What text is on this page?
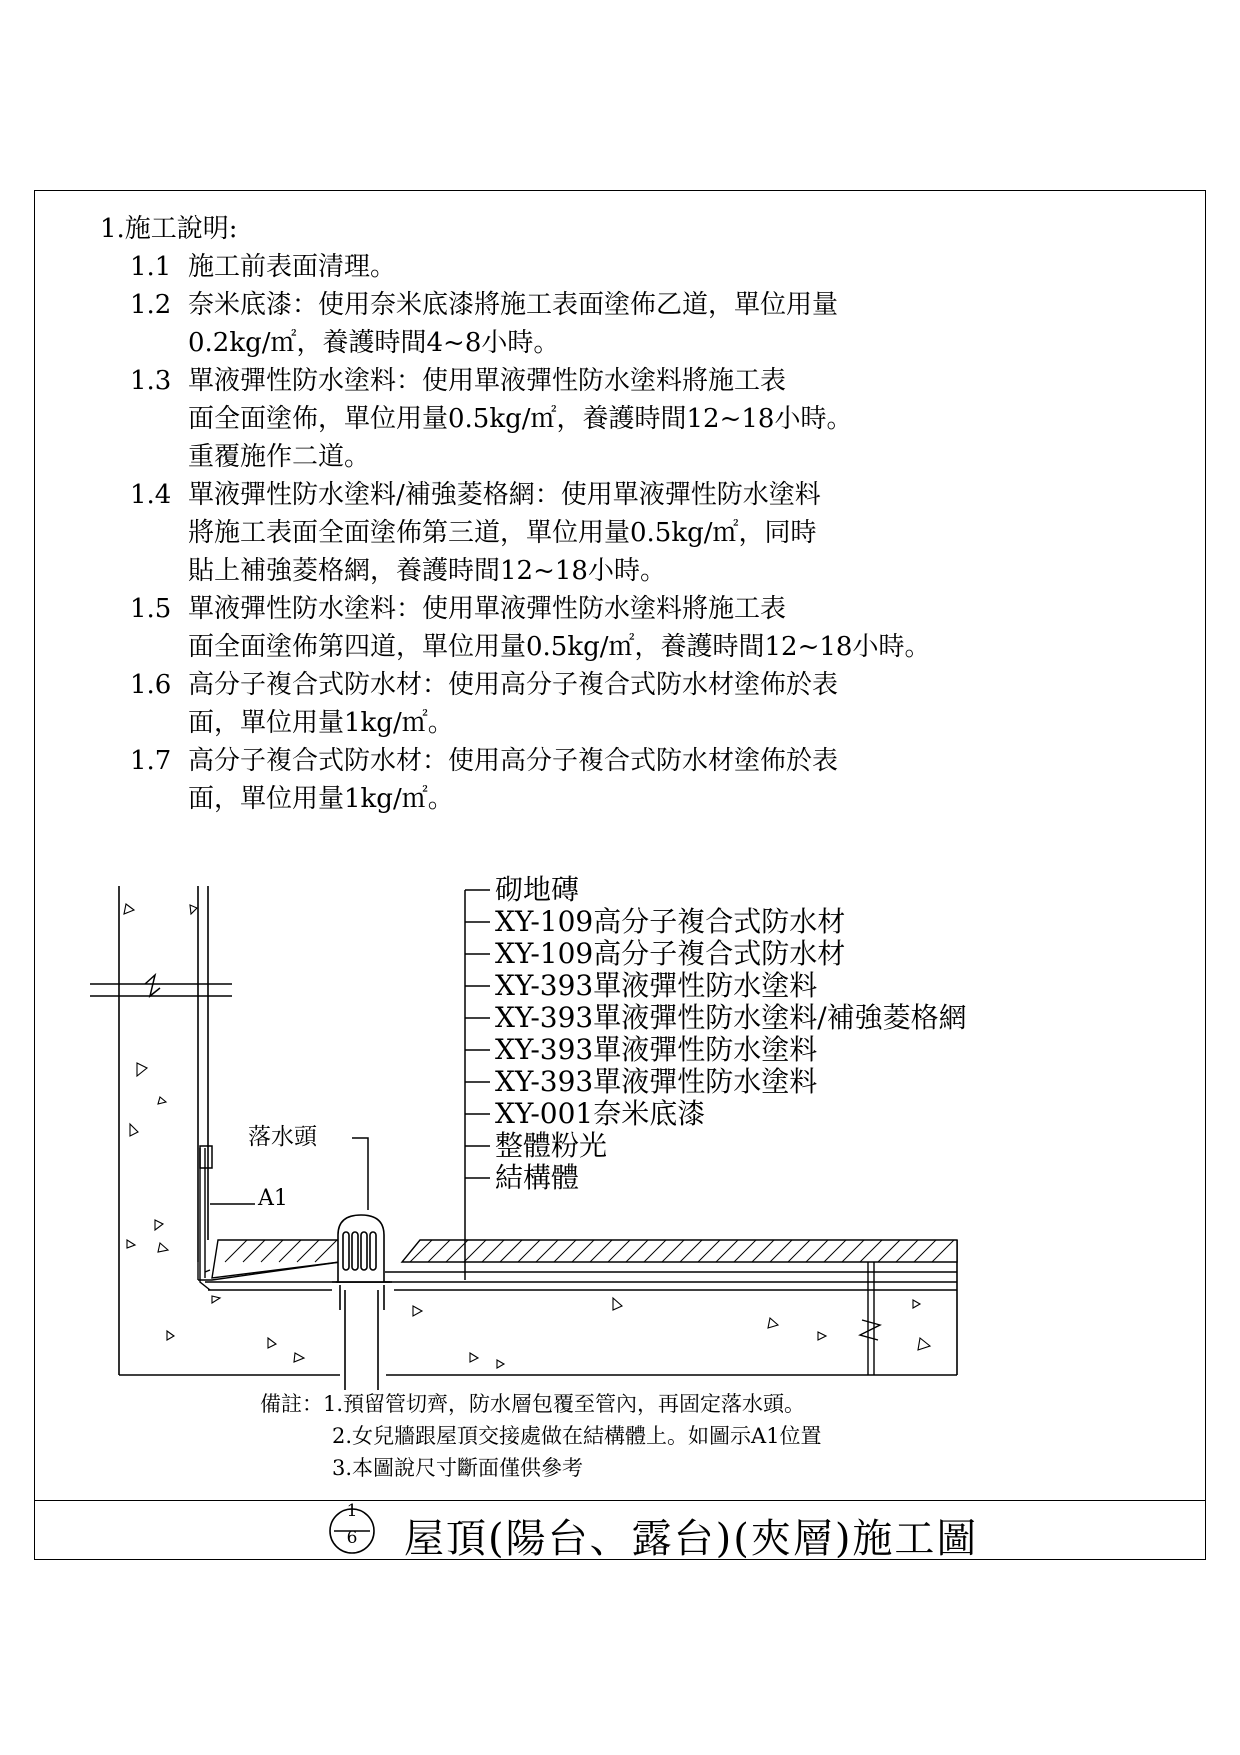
1.施工說明:
1.1 施工前表面清理。
1.2 奈米底漆：使用奈米底漆將施工表面塗佈乙道，單位用量
0.2kg/㎡，養護時間4~8小時。
1.3 單液彈性防水塗料：使用單液彈性防水塗料將施工表
面全面塗佈，單位用量0.5kg/㎡，養護時間12~18小時。
重覆施作二道。
1.4 單液彈性防水塗料/補強菱格網：使用單液彈性防水塗料
將施工表面全面塗佈第三道，單位用量0.5kg/㎡，同時
貼上補強菱格網，養護時間12~18小時。
1.5 單液彈性防水塗料：使用單液彈性防水塗料將施工表
面全面塗佈第四道，單位用量0.5kg/㎡，養護時間12~18小時。
1.6 高分子複合式防水材：使用高分子複合式防水材塗佈於表
面，單位用量1kg/㎡。
1.7 高分子複合式防水材：使用高分子複合式防水材塗佈於表
面，單位用量1kg/㎡。
砌地磚
XY-109高分子複合式防水材
XY-109高分子複合式防水材
XY-393單液彈性防水塗料
XY-393單液彈性防水塗料/補強菱格網
XY-393單液彈性防水塗料
XY-393單液彈性防水塗料
XY-001奈米底漆
整體粉光
結構體
落水頭
A1
備註：1.預留管切齊，防水層包覆至管內，再固定落水頭。
2.女兒牆跟屋頂交接處做在結構體上。如圖示A1位置
3.本圖說尺寸斷面僅供參考
1
6 屋頂(陽台、露台)(夾層)施工圖
